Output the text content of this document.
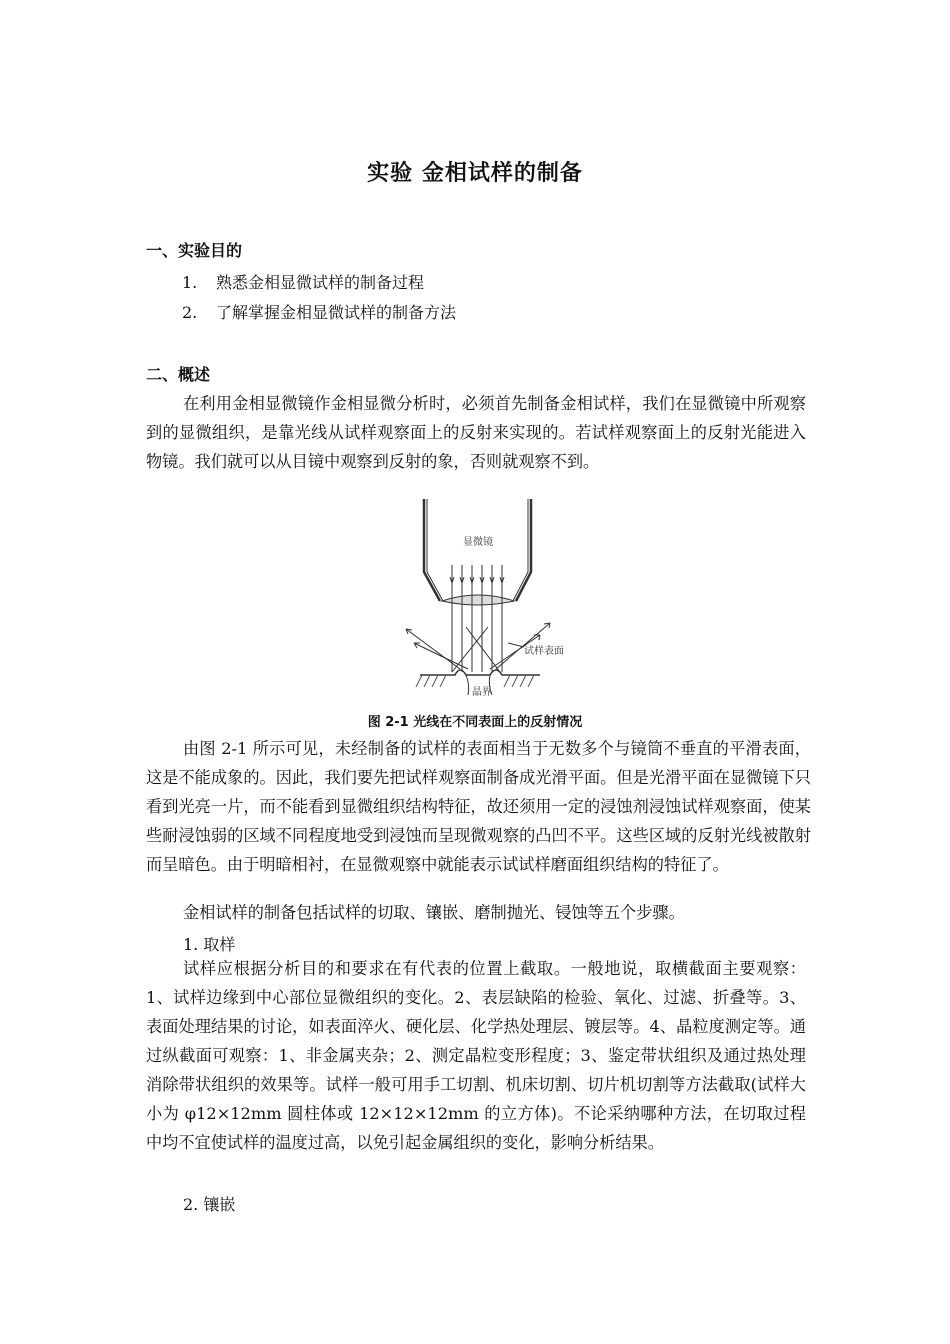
实验 金相试样的制备
一、实验目的
1. 熟悉金相显微试样的制备过程
2. 了解掌握金相显微试样的制备方法
二、概述

在利用金相显微镜作金相显微分析时，必须首先制备金相试样，我们在显微镜中所观察到的显微组织，是靠光线从试样观察面上的反射来实现的。若试样观察面上的反射光能进入物镜。我们就可以从目镜中观察到反射的象，否则就观察不到。

显微镜
试样表面
晶界
图 2-1 光线在不同表面上的反射情况

由图 2-1 所示可见，未经制备的试样的表面相当于无数多个与镜筒不垂直的平滑表面，这是不能成象的。因此，我们要先把试样观察面制备成光滑平面。但是光滑平面在显微镜下只看到光亮一片，而不能看到显微组织结构特征，故还须用一定的浸蚀剂浸蚀试样观察面，使某些耐浸蚀弱的区域不同程度地受到浸蚀而呈现微观察的凸凹不平。这些区域的反射光线被散射而呈暗色。由于明暗相衬，在显微观察中就能表示试试样磨面组织结构的特征了。

金相试样的制备包括试样的切取、镶嵌、磨制抛光、锓蚀等五个步骤。

1. 取样

试样应根据分析目的和要求在有代表的位置上截取。一般地说，取横截面主要观察：1、试样边缘到中心部位显微组织的变化。2、表层缺陷的检验、氧化、过滤、折叠等。3、表面处理结果的讨论，如表面淬火、硬化层、化学热处理层、镀层等。4、晶粒度测定等。通过纵截面可观察：1、非金属夹杂；2、测定晶粒变形程度；3、鉴定带状组织及通过热处理消除带状组织的效果等。试样一般可用手工切割、机床切割、切片机切割等方法截取(试样大小为 φ12×12mm 圆柱体或 12×12×12mm 的立方体)。不论采纳哪种方法，在切取过程中均不宜使试样的温度过高，以免引起金属组织的变化，影响分析结果。

2. 镶嵌
